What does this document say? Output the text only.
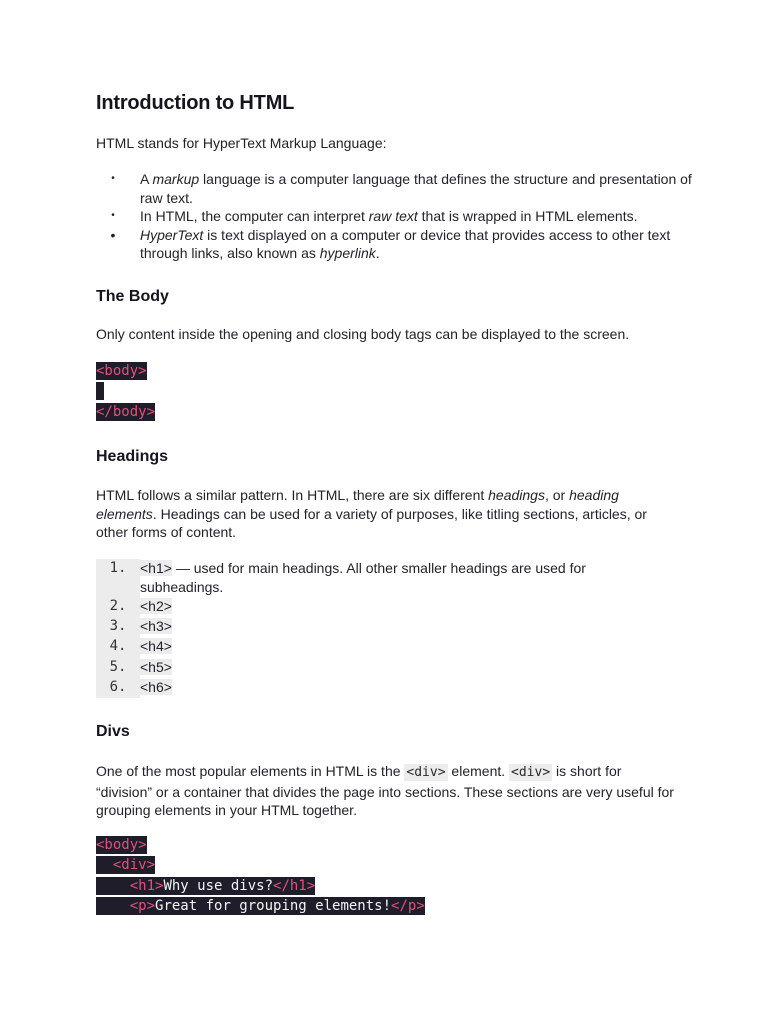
Introduction to HTML

HTML stands for HyperText Markup Language:

• A markup language is a computer language that defines the structure and presentation of raw text.
• In HTML, the computer can interpret raw text that is wrapped in HTML elements.
• HyperText is text displayed on a computer or device that provides access to other text through links, also known as hyperlink.
The Body

Only content inside the opening and closing body tags can be displayed to the screen.

<body>

</body>
Headings

HTML follows a similar pattern. In HTML, there are six different headings, or heading elements. Headings can be used for a variety of purposes, like titling sections, articles, or other forms of content.

1. <h1> — used for main headings. All other smaller headings are used for subheadings.
2. <h2>
3. <h3>
4. <h4>
5. <h5>
6. <h6>
Divs

One of the most popular elements in HTML is the <div> element. <div> is short for “division” or a container that divides the page into sections. These sections are very useful for grouping elements in your HTML together.

<body>
<div>
<h1>Why use divs?</h1>
<p>Great for grouping elements!</p>
